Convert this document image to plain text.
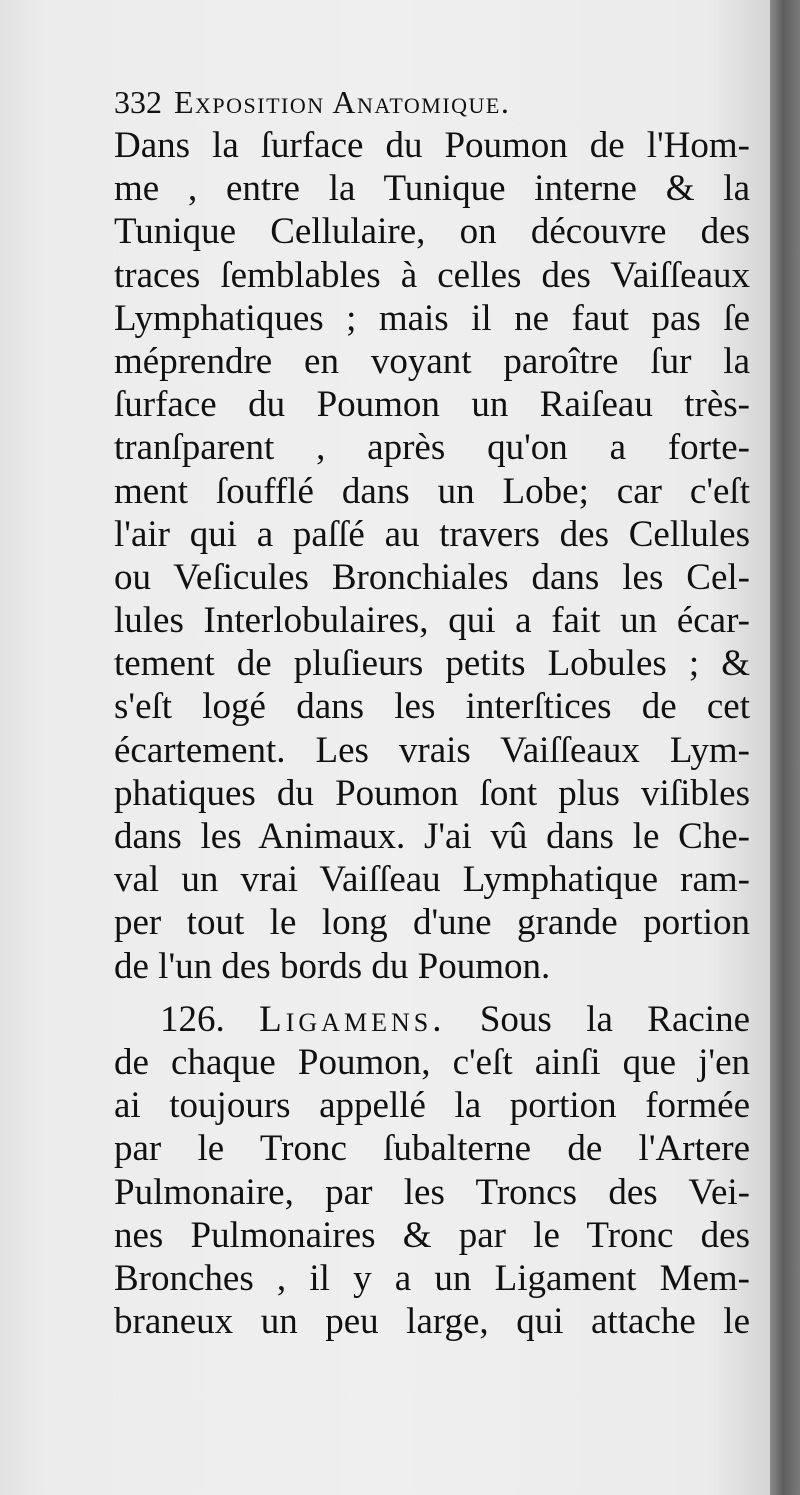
332 Exposition Anatomique.
Dans la ſurface du Poumon de l'Hom-
me , entre la Tunique interne & la
Tunique Cellulaire, on découvre des
traces ſemblables à celles des Vaiſſeaux
Lymphatiques ; mais il ne faut pas ſe
méprendre en voyant paroître ſur la
ſurface du Poumon un Raiſeau très-
tranſparent , après qu'on a forte-
ment ſoufflé dans un Lobe; car c'eſt
l'air qui a paſſé au travers des Cellules
ou Veſicules Bronchiales dans les Cel-
lules Interlobulaires, qui a fait un écar-
tement de pluſieurs petits Lobules ; &
s'eſt logé dans les interſtices de cet
écartement. Les vrais Vaiſſeaux Lym-
phatiques du Poumon ſont plus viſibles
dans les Animaux. J'ai vû dans le Che-
val un vrai Vaiſſeau Lymphatique ram-
per tout le long d'une grande portion
de l'un des bords du Poumon.
126. Ligamens. Sous la Racine
de chaque Poumon, c'eſt ainſi que j'en
ai toujours appellé la portion formée
par le Tronc ſubalterne de l'Artere
Pulmonaire, par les Troncs des Vei-
nes Pulmonaires & par le Tronc des
Bronches , il y a un Ligament Mem-
braneux un peu large, qui attache le
